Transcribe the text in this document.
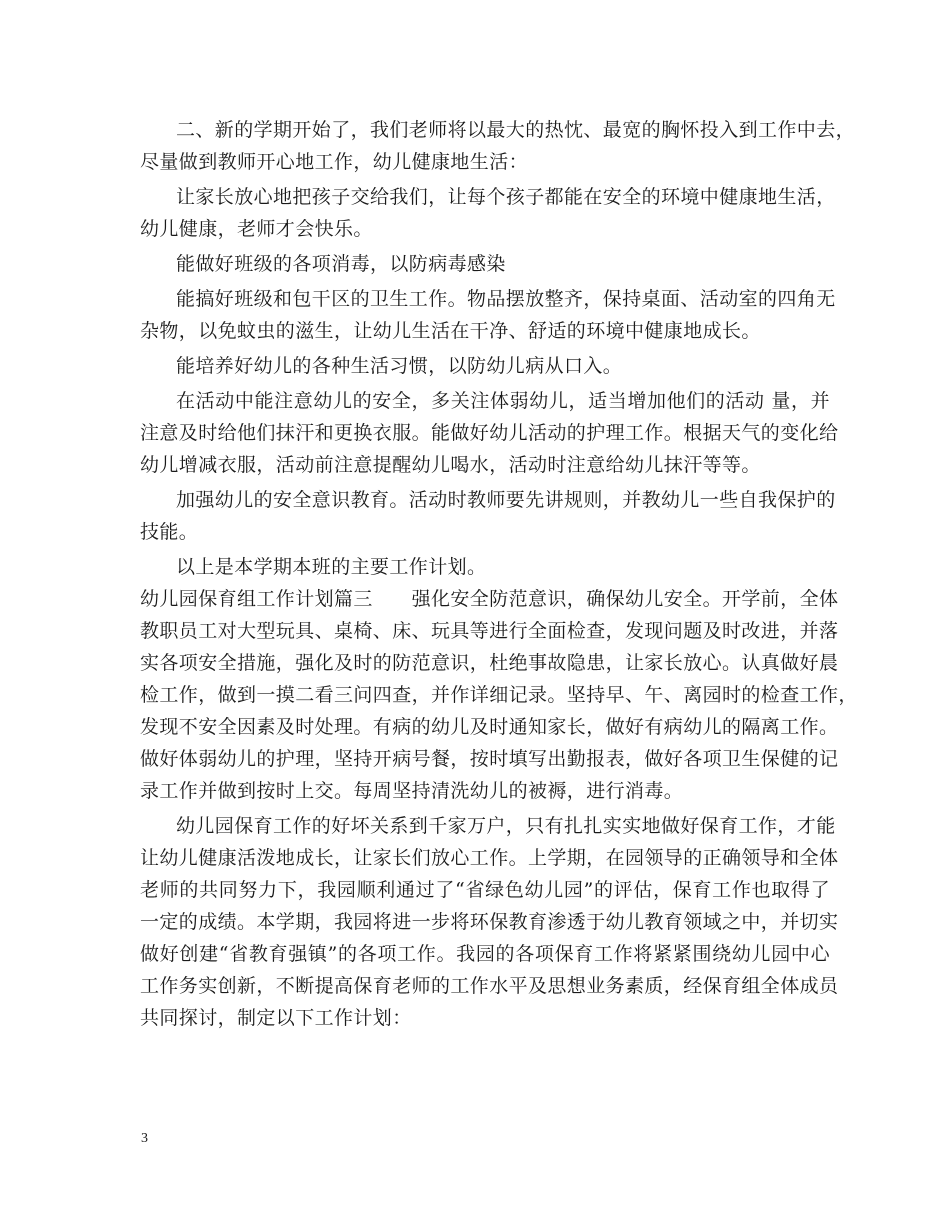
二、新的学期开始了，我们老师将以最大的热忱、最宽的胸怀投入到工作中去，
尽量做到教师开心地工作，幼儿健康地生活：
让家长放心地把孩子交给我们，让每个孩子都能在安全的环境中健康地生活，
幼儿健康，老师才会快乐。
能做好班级的各项消毒，以防病毒感染
能搞好班级和包干区的卫生工作。物品摆放整齐，保持桌面、活动室的四角无
杂物，以免蚊虫的滋生，让幼儿生活在干净、舒适的环境中健康地成长。
能培养好幼儿的各种生活习惯，以防幼儿病从口入。
在活动中能注意幼儿的安全，多关注体弱幼儿，适当增加他们的活动 量，并
注意及时给他们抹汗和更换衣服。能做好幼儿活动的护理工作。根据天气的变化给
幼儿增减衣服，活动前注意提醒幼儿喝水，活动时注意给幼儿抹汗等等。
加强幼儿的安全意识教育。活动时教师要先讲规则，并教幼儿一些自我保护的
技能。
以上是本学期本班的主要工作计划。
幼儿园保育组工作计划篇三　　强化安全防范意识，确保幼儿安全。开学前，全体
教职员工对大型玩具、桌椅、床、玩具等进行全面检查，发现问题及时改进，并落
实各项安全措施，强化及时的防范意识，杜绝事故隐患，让家长放心。认真做好晨
检工作，做到一摸二看三问四查，并作详细记录。坚持早、午、离园时的检查工作，
发现不安全因素及时处理。有病的幼儿及时通知家长，做好有病幼儿的隔离工作。
做好体弱幼儿的护理，坚持开病号餐，按时填写出勤报表，做好各项卫生保健的记
录工作并做到按时上交。每周坚持清洗幼儿的被褥，进行消毒。
幼儿园保育工作的好坏关系到千家万户，只有扎扎实实地做好保育工作，才能
让幼儿健康活泼地成长，让家长们放心工作。上学期，在园领导的正确领导和全体
老师的共同努力下，我园顺利通过了“省绿色幼儿园”的评估，保育工作也取得了
一定的成绩。本学期，我园将进一步将环保教育渗透于幼儿教育领域之中，并切实
做好创建“省教育强镇”的各项工作。我园的各项保育工作将紧紧围绕幼儿园中心
工作务实创新，不断提高保育老师的工作水平及思想业务素质，经保育组全体成员
共同探讨，制定以下工作计划：
3
